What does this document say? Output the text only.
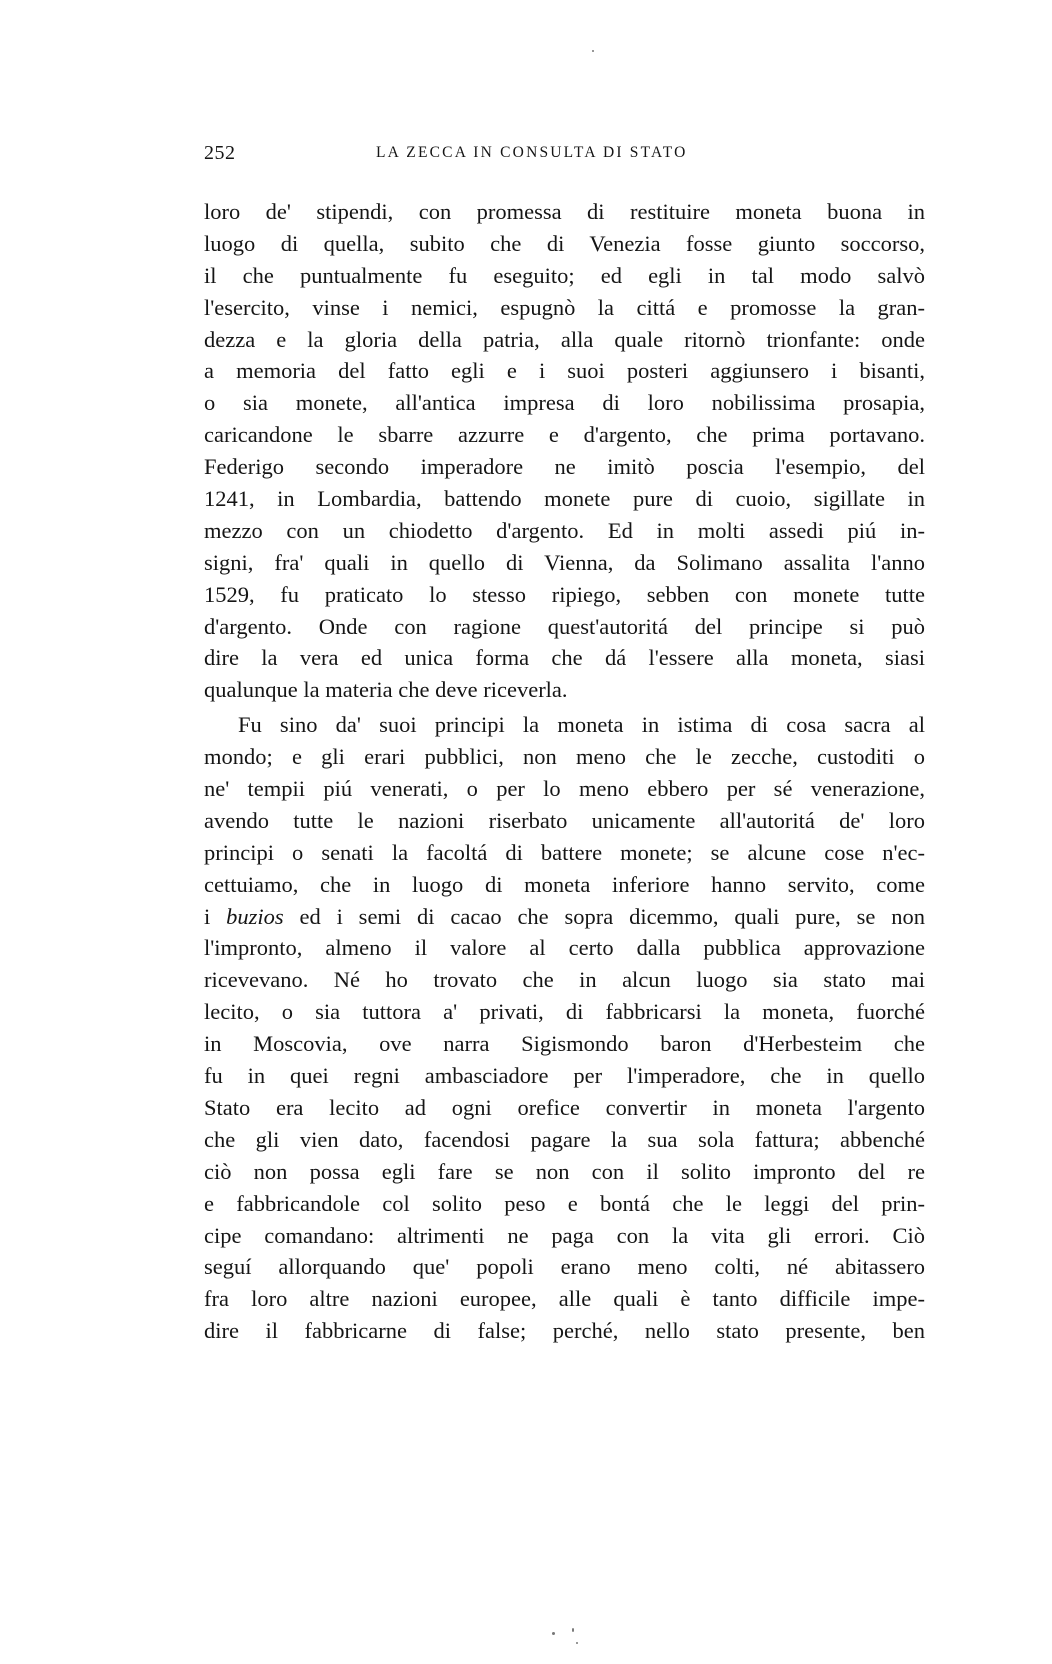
252	LA ZECCA IN CONSULTA DI STATO
loro de' stipendi, con promessa di restituire moneta buona in
luogo di quella, subito che di Venezia fosse giunto soccorso,
il che puntualmente fu eseguito; ed egli in tal modo salvò
l'esercito, vinse i nemici, espugnò la cittá e promosse la gran-
dezza e la gloria della patria, alla quale ritornò trionfante: onde
a memoria del fatto egli e i suoi posteri aggiunsero i bisanti,
o sia monete, all'antica impresa di loro nobilissima prosapia,
caricandone le sbarre azzurre e d'argento, che prima portavano.
Federigo secondo imperadore ne imitò poscia l'esempio, del
1241, in Lombardia, battendo monete pure di cuoio, sigillate in
mezzo con un chiodetto d'argento. Ed in molti assedi piú in-
signi, fra' quali in quello di Vienna, da Solimano assalita l'anno
1529, fu praticato lo stesso ripiego, sebben con monete tutte
d'argento. Onde con ragione quest'autoritá del principe si può
dire la vera ed unica forma che dá l'essere alla moneta, siasi
qualunque la materia che deve riceverla.
Fu sino da' suoi principi la moneta in istima di cosa sacra al
mondo; e gli erari pubblici, non meno che le zecche, custoditi o
ne' tempii piú venerati, o per lo meno ebbero per sé venerazione,
avendo tutte le nazioni riserbato unicamente all'autoritá de' loro
principi o senati la facoltá di battere monete; se alcune cose n'ec-
cettuiamo, che in luogo di moneta inferiore hanno servito, come
i buzios ed i semi di cacao che sopra dicemmo, quali pure, se non
l'impronto, almeno il valore al certo dalla pubblica approvazione
ricevevano. Né ho trovato che in alcun luogo sia stato mai
lecito, o sia tuttora a' privati, di fabbricarsi la moneta, fuorché
in Moscovia, ove narra Sigismondo baron d'Herbesteim che
fu in quei regni ambasciadore per l'imperadore, che in quello
Stato era lecito ad ogni orefice convertir in moneta l'argento
che gli vien dato, facendosi pagare la sua sola fattura; abbenché
ciò non possa egli fare se non con il solito impronto del re
e fabbricandole col solito peso e bontá che le leggi del prin-
cipe comandano: altrimenti ne paga con la vita gli errori. Ciò
seguí allorquando que' popoli erano meno colti, né abitassero
fra loro altre nazioni europee, alle quali è tanto difficile impe-
dire il fabbricarne di false; perché, nello stato presente, ben
